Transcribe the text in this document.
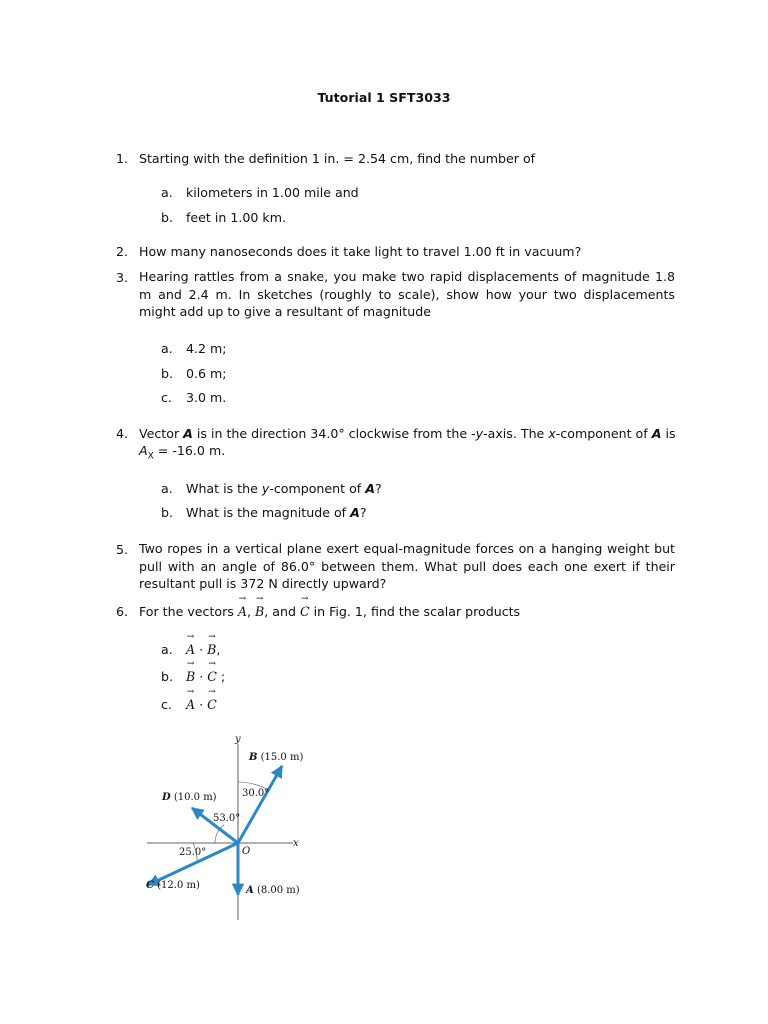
Tutorial 1 SFT3033
1. Starting with the definition 1 in. = 2.54 cm, find the number of
a. kilometers in 1.00 mile and
b. feet in 1.00 km.
2. How many nanoseconds does it take light to travel 1.00 ft in vacuum?
3. Hearing rattles from a snake, you make two rapid displacements of magnitude 1.8 m and 2.4 m. In sketches (roughly to scale), show how your two displacements might add up to give a resultant of magnitude
a. 4.2 m;
b. 0.6 m;
c. 3.0 m.
4. Vector A is in the direction 34.0° clockwise from the -y-axis. The x-component of A is
$A_X = -16.0$ m.
a. What is the y-component of A?
b. What is the magnitude of A?
5. Two ropes in a vertical plane exert equal-magnitude forces on a hanging weight but pull with an angle of 86.0° between them. What pull does each one exert if their resultant pull is 372 N directly upward?
6. For the vectors → A, → B, and → C in Fig. 1, find the scalar products
a. → A · → B,
b. → B · → C ;
c. → A · → C
y
x
O
B (15.0 m)
D (10.0 m)
C (12.0 m)	A (8.00 m)
30.0°
53.0°
25.0°
